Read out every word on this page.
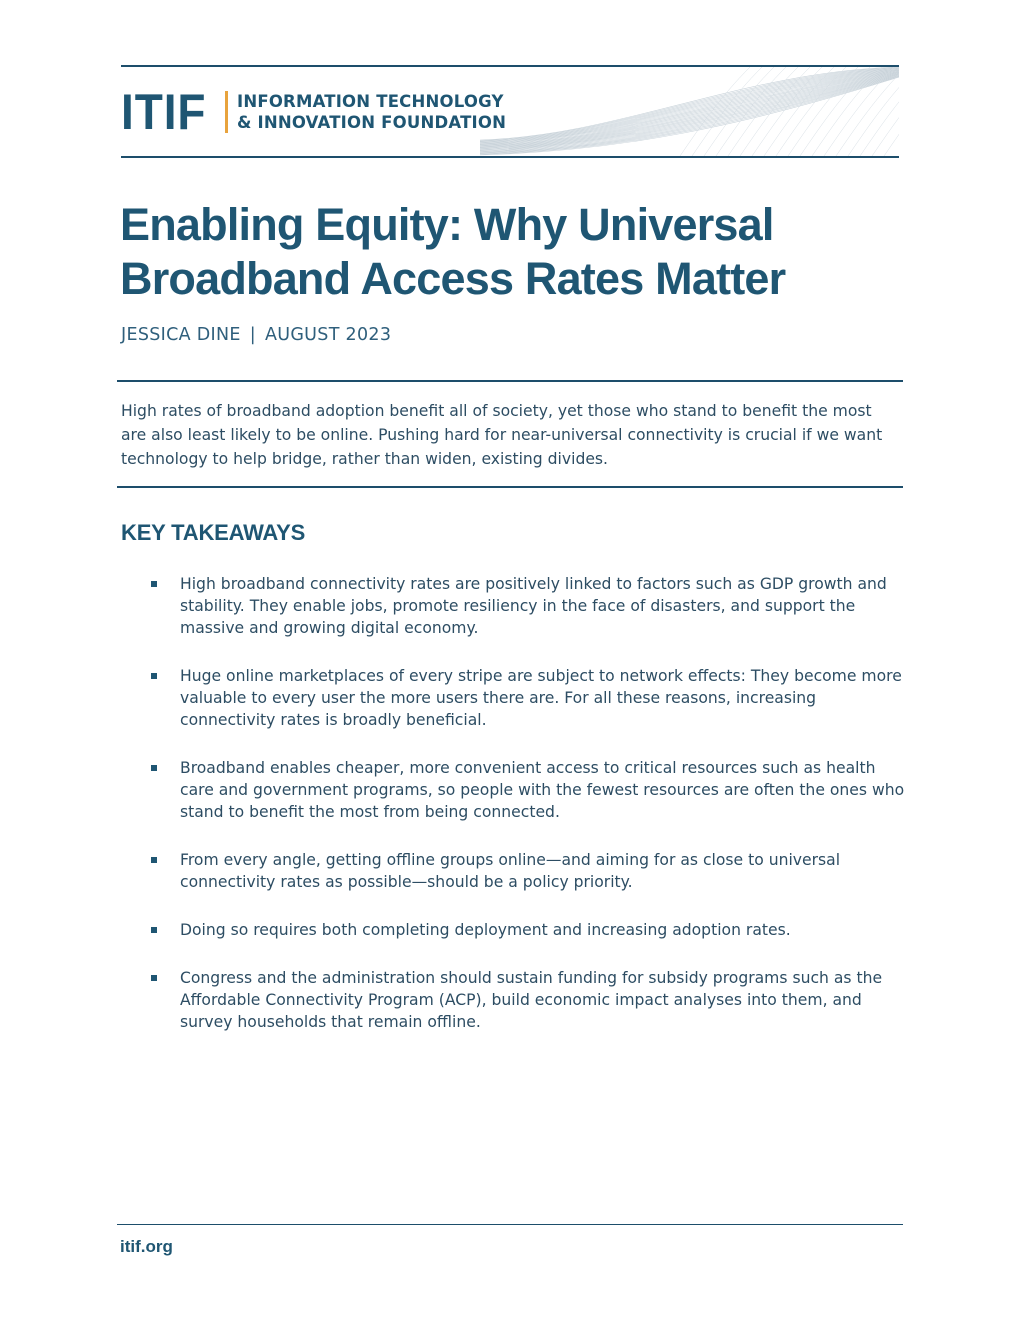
ITIF INFORMATION TECHNOLOGY
& INNOVATION FOUNDATION
Enabling Equity: Why Universal Broadband Access Rates Matter

JESSICA DINE | AUGUST 2023

High rates of broadband adoption benefit all of society, yet those who stand to benefit the most are also least likely to be online. Pushing hard for near-universal connectivity is crucial if we want technology to help bridge, rather than widen, existing divides.

KEY TAKEAWAYS
High broadband connectivity rates are positively linked to factors such as GDP growth and stability. They enable jobs, promote resiliency in the face of disasters, and support the massive and growing digital economy.
Huge online marketplaces of every stripe are subject to network effects: They become more valuable to every user the more users there are. For all these reasons, increasing connectivity rates is broadly beneficial.
Broadband enables cheaper, more convenient access to critical resources such as health care and government programs, so people with the fewest resources are often the ones who stand to benefit the most from being connected.
From every angle, getting offline groups online—and aiming for as close to universal connectivity rates as possible—should be a policy priority.
Doing so requires both completing deployment and increasing adoption rates.
Congress and the administration should sustain funding for subsidy programs such as the Affordable Connectivity Program (ACP), build economic impact analyses into them, and survey households that remain offline.
itif.org
